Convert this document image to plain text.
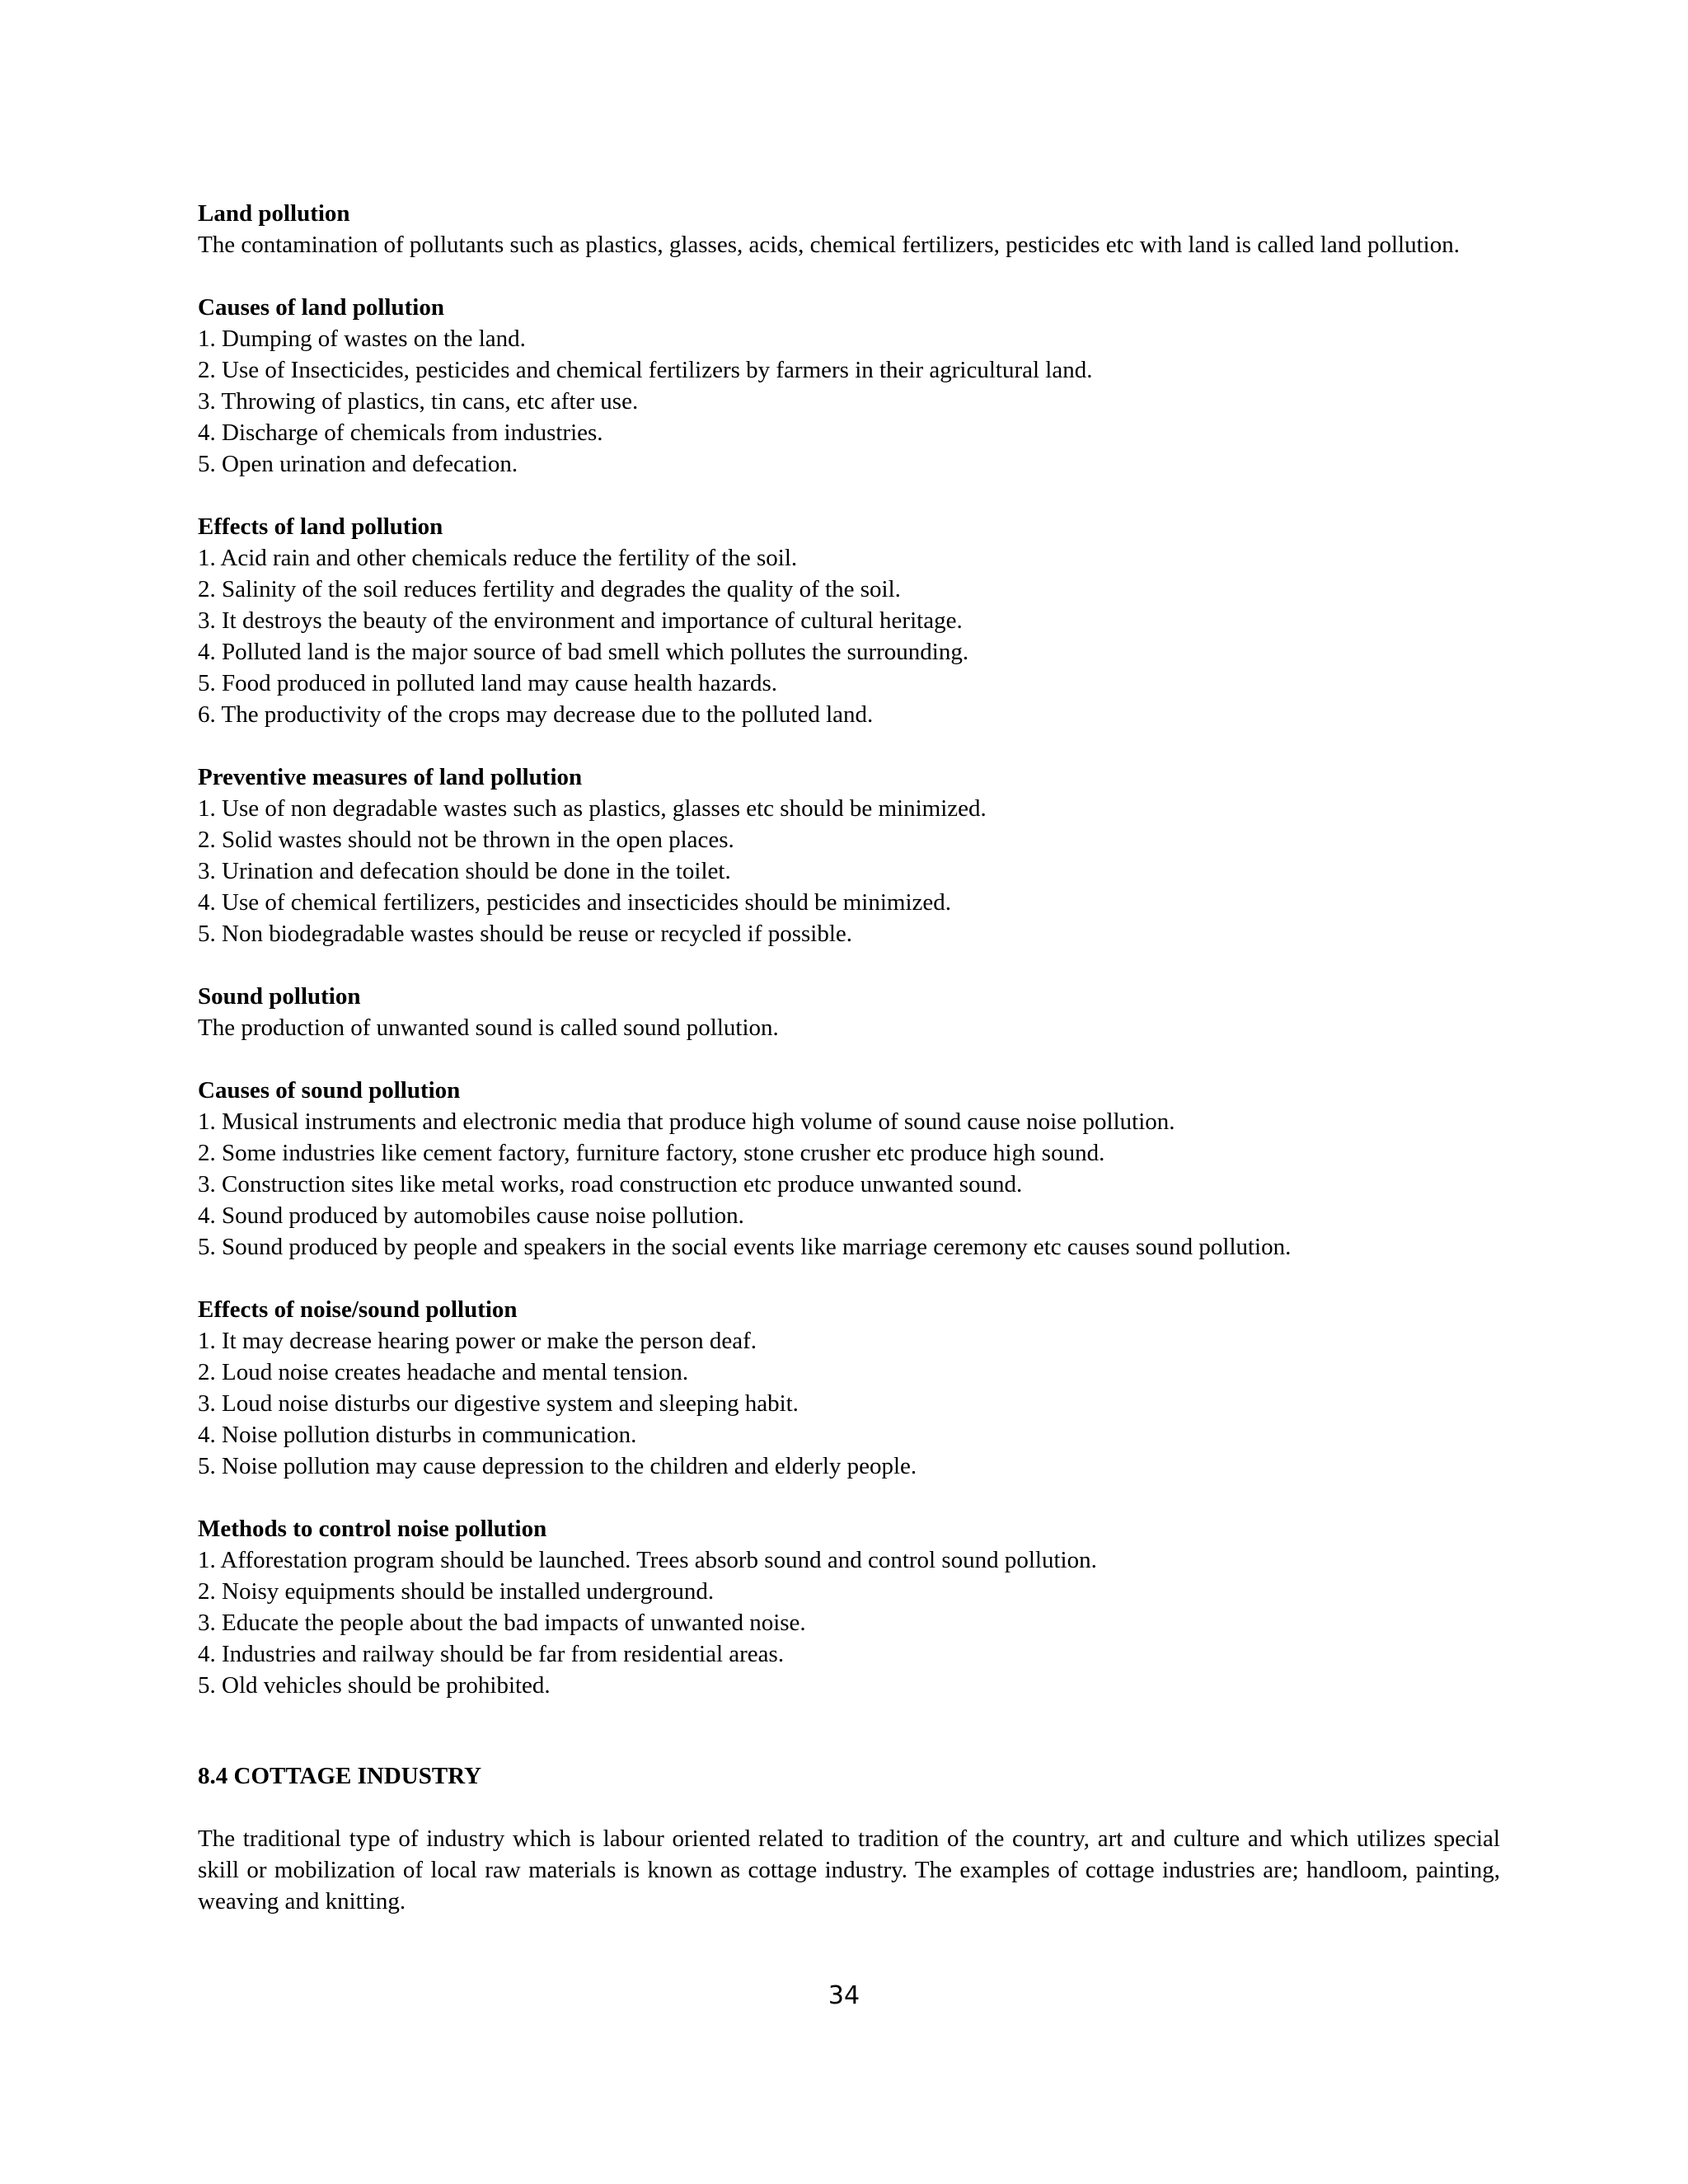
Land pollution

The contamination of pollutants such as plastics, glasses, acids, chemical fertilizers, pesticides etc with land is called land pollution.

Causes of land pollution

1. Dumping of wastes on the land.
2. Use of Insecticides, pesticides and chemical fertilizers by farmers in their agricultural land.
3. Throwing of plastics, tin cans, etc after use.
4. Discharge of chemicals from industries.
5. Open urination and defecation.

Effects of land pollution

1. Acid rain and other chemicals reduce the fertility of the soil.
2. Salinity of the soil reduces fertility and degrades the quality of the soil.
3. It destroys the beauty of the environment and importance of cultural heritage.
4. Polluted land is the major source of bad smell which pollutes the surrounding.
5. Food produced in polluted land may cause health hazards.
6. The productivity of the crops may decrease due to the polluted land.

Preventive measures of land pollution

1. Use of non degradable wastes such as plastics, glasses etc should be minimized.
2. Solid wastes should not be thrown in the open places.
3. Urination and defecation should be done in the toilet.
4. Use of chemical fertilizers, pesticides and insecticides should be minimized.
5. Non biodegradable wastes should be reuse or recycled if possible.

Sound pollution

The production of unwanted sound is called sound pollution.

Causes of sound pollution

1. Musical instruments and electronic media that produce high volume of sound cause noise pollution.
2. Some industries like cement factory, furniture factory, stone crusher etc produce high sound.
3. Construction sites like metal works, road construction etc produce unwanted sound.
4. Sound produced by automobiles cause noise pollution.
5. Sound produced by people and speakers in the social events like marriage ceremony etc causes sound pollution.

Effects of noise/sound pollution

1. It may decrease hearing power or make the person deaf.
2. Loud noise creates headache and mental tension.
3. Loud noise disturbs our digestive system and sleeping habit.
4. Noise pollution disturbs in communication.
5. Noise pollution may cause depression to the children and elderly people.

Methods to control noise pollution

1. Afforestation program should be launched. Trees absorb sound and control sound pollution.
2. Noisy equipments should be installed underground.
3. Educate the people about the bad impacts of unwanted noise.
4. Industries and railway should be far from residential areas.
5. Old vehicles should be prohibited.

8.4 COTTAGE INDUSTRY

The traditional type of industry which is labour oriented related to tradition of the country, art and culture and which utilizes special skill or mobilization of local raw materials is known as cottage industry. The examples of cottage industries are; handloom, painting, weaving and knitting.

34
